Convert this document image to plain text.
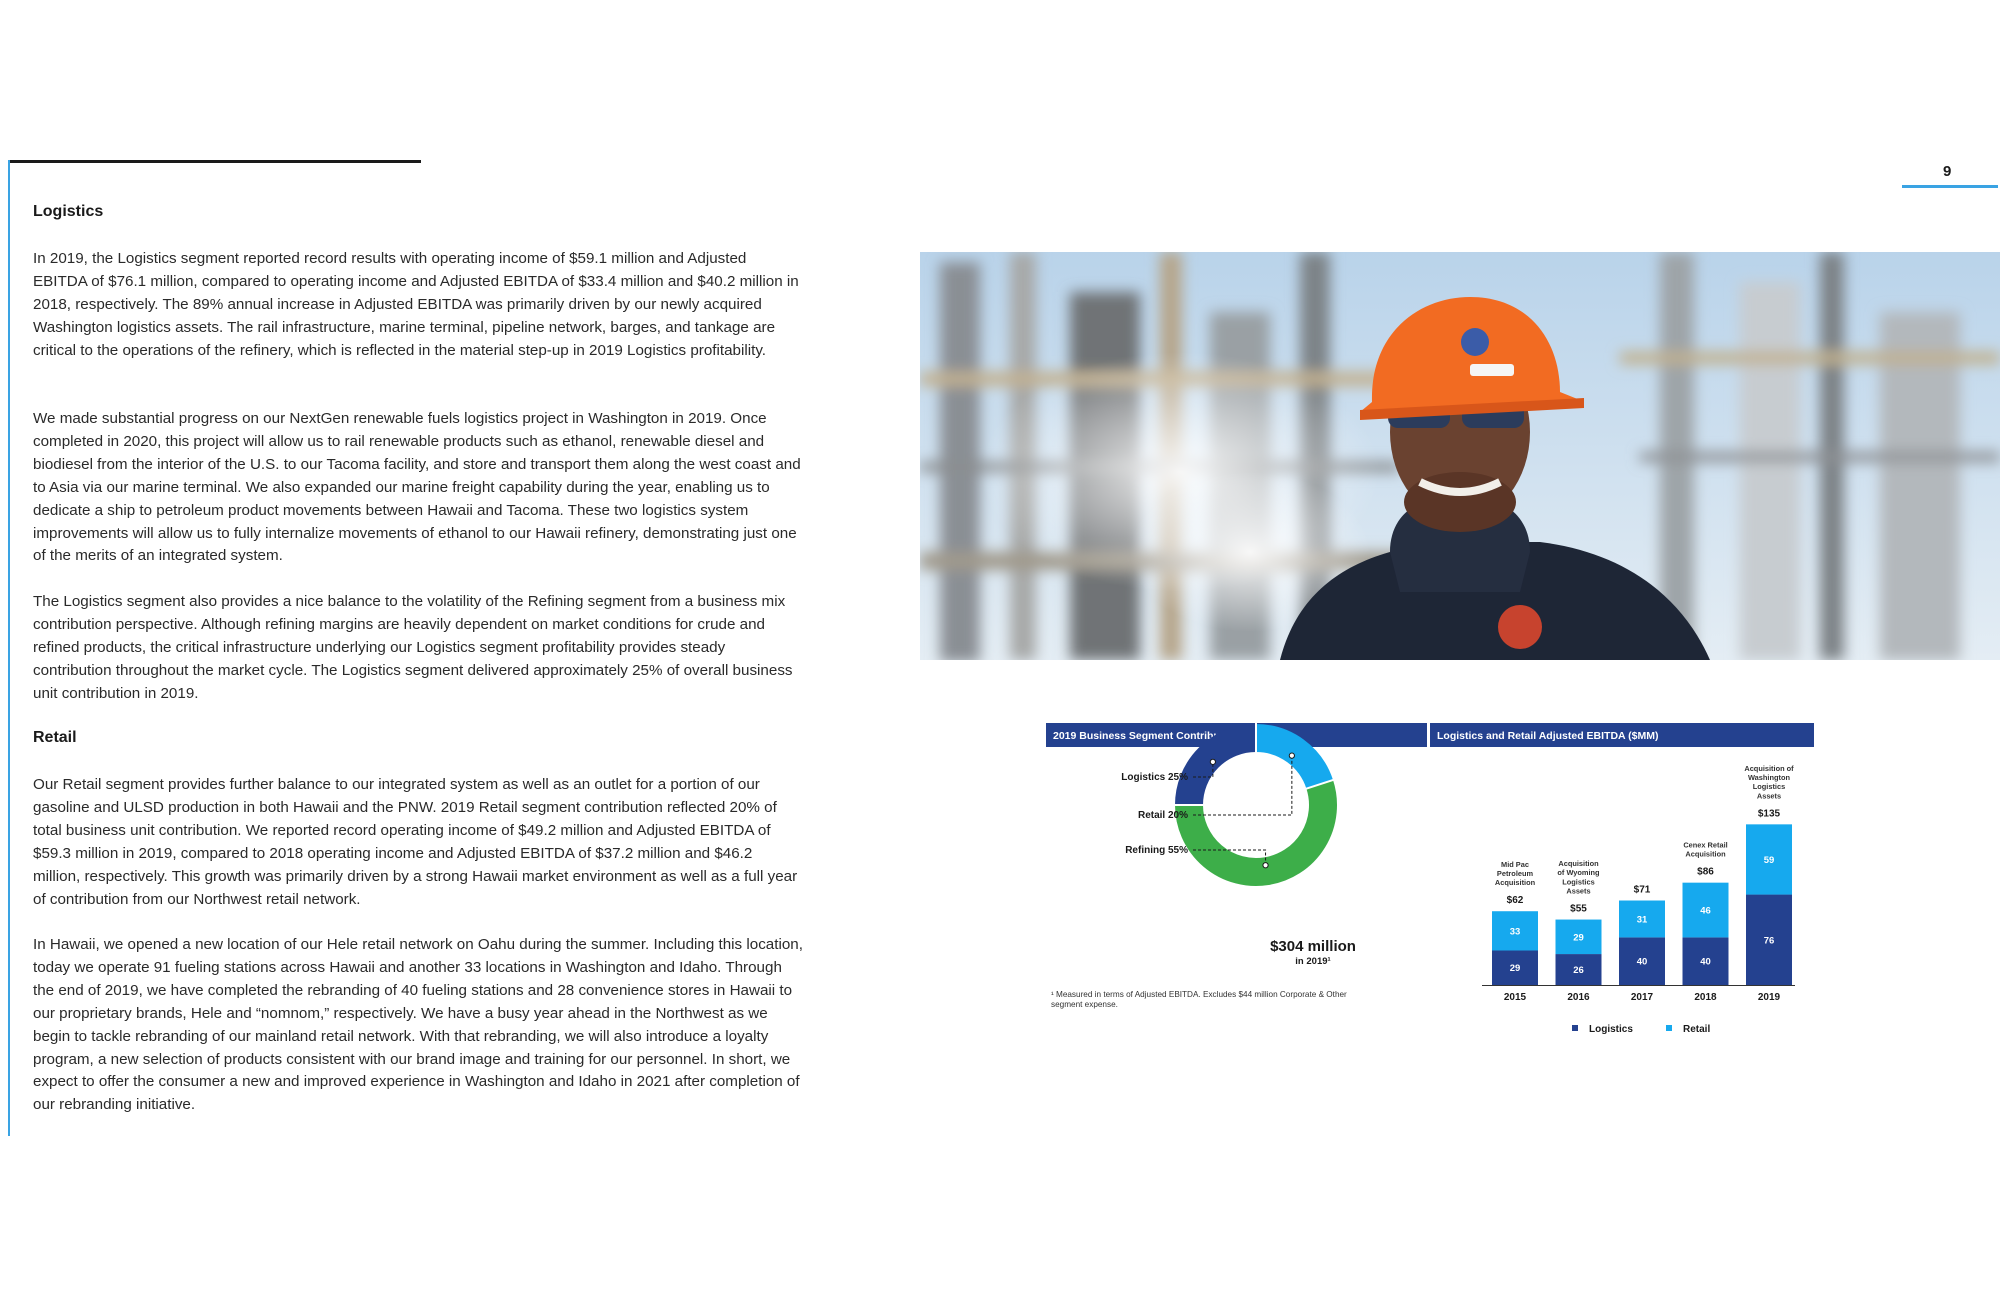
9
Logistics

In 2019, the Logistics segment reported record results with operating income of $59.1 million and Adjusted EBITDA of $76.1 million, compared to operating income and Adjusted EBITDA of $33.4 million and $40.2 million in 2018, respectively. The 89% annual increase in Adjusted EBITDA was primarily driven by our newly acquired Washington logistics assets. The rail infrastructure, marine terminal, pipeline network, barges, and tankage are critical to the operations of the refinery, which is reflected in the material step-up in 2019 Logistics profitability.

We made substantial progress on our NextGen renewable fuels logistics project in Washington in 2019. Once completed in 2020, this project will allow us to rail renewable products such as ethanol, renewable diesel and biodiesel from the interior of the U.S. to our Tacoma facility, and store and transport them along the west coast and to Asia via our marine terminal. We also expanded our marine freight capability during the year, enabling us to dedicate a ship to petroleum product movements between Hawaii and Tacoma. These two logistics system improvements will allow us to fully internalize movements of ethanol to our Hawaii refinery, demonstrating just one of the merits of an integrated system.

The Logistics segment also provides a nice balance to the volatility of the Refining segment from a business mix contribution perspective. Although refining margins are heavily dependent on market conditions for crude and refined products, the critical infrastructure underlying our Logistics segment profitability provides steady contribution throughout the market cycle. The Logistics segment delivered approximately 25% of overall business unit contribution in 2019.

Retail

Our Retail segment provides further balance to our integrated system as well as an outlet for a portion of our gasoline and ULSD production in both Hawaii and the PNW. 2019 Retail segment contribution reflected 20% of total business unit contribution. We reported record operating income of $49.2 million and Adjusted EBITDA of $59.3 million in 2019, compared to 2018 operating income and Adjusted EBITDA of $37.2 million and $46.2 million, respectively. This growth was primarily driven by a strong Hawaii market environment as well as a full year of contribution from our Northwest retail network.

In Hawaii, we opened a new location of our Hele retail network on Oahu during the summer. Including this location, today we operate 91 fueling stations across Hawaii and another 33 locations in Washington and Idaho. Through the end of 2019, we have completed the rebranding of 40 fueling stations and 28 convenience stores in Hawaii to our proprietary brands, Hele and “nomnom,” respectively. We have a busy year ahead in the Northwest as we begin to tackle rebranding of our mainland retail network. With that rebranding, we will also introduce a loyalty program, a new selection of products consistent with our brand image and training for our personnel. In short, we expect to offer the consumer a new and improved experience in Washington and Idaho in 2021 after completion of our rebranding initiative.

2019 Business Segment Contribution	Logistics and Retail Adjusted EBITDA ($MM)
Logistics 25%
Retail 20%
Refining 55%
$304 million
in 2019¹
¹ Measured in terms of Adjusted EBITDA. Excludes $44 million Corporate & Other
segment expense.
29
33
$62
Mid Pac
Petroleum
Acquisition
2015
26
29
$55
Acquisition
of Wyoming
Logistics
Assets
2016
40
31
$71
2017
40
46
$86
Cenex Retail
Acquisition
2018
76
59
$135
Acquisition of
Washington
Logistics
Assets
2019
Logistics	Retail
